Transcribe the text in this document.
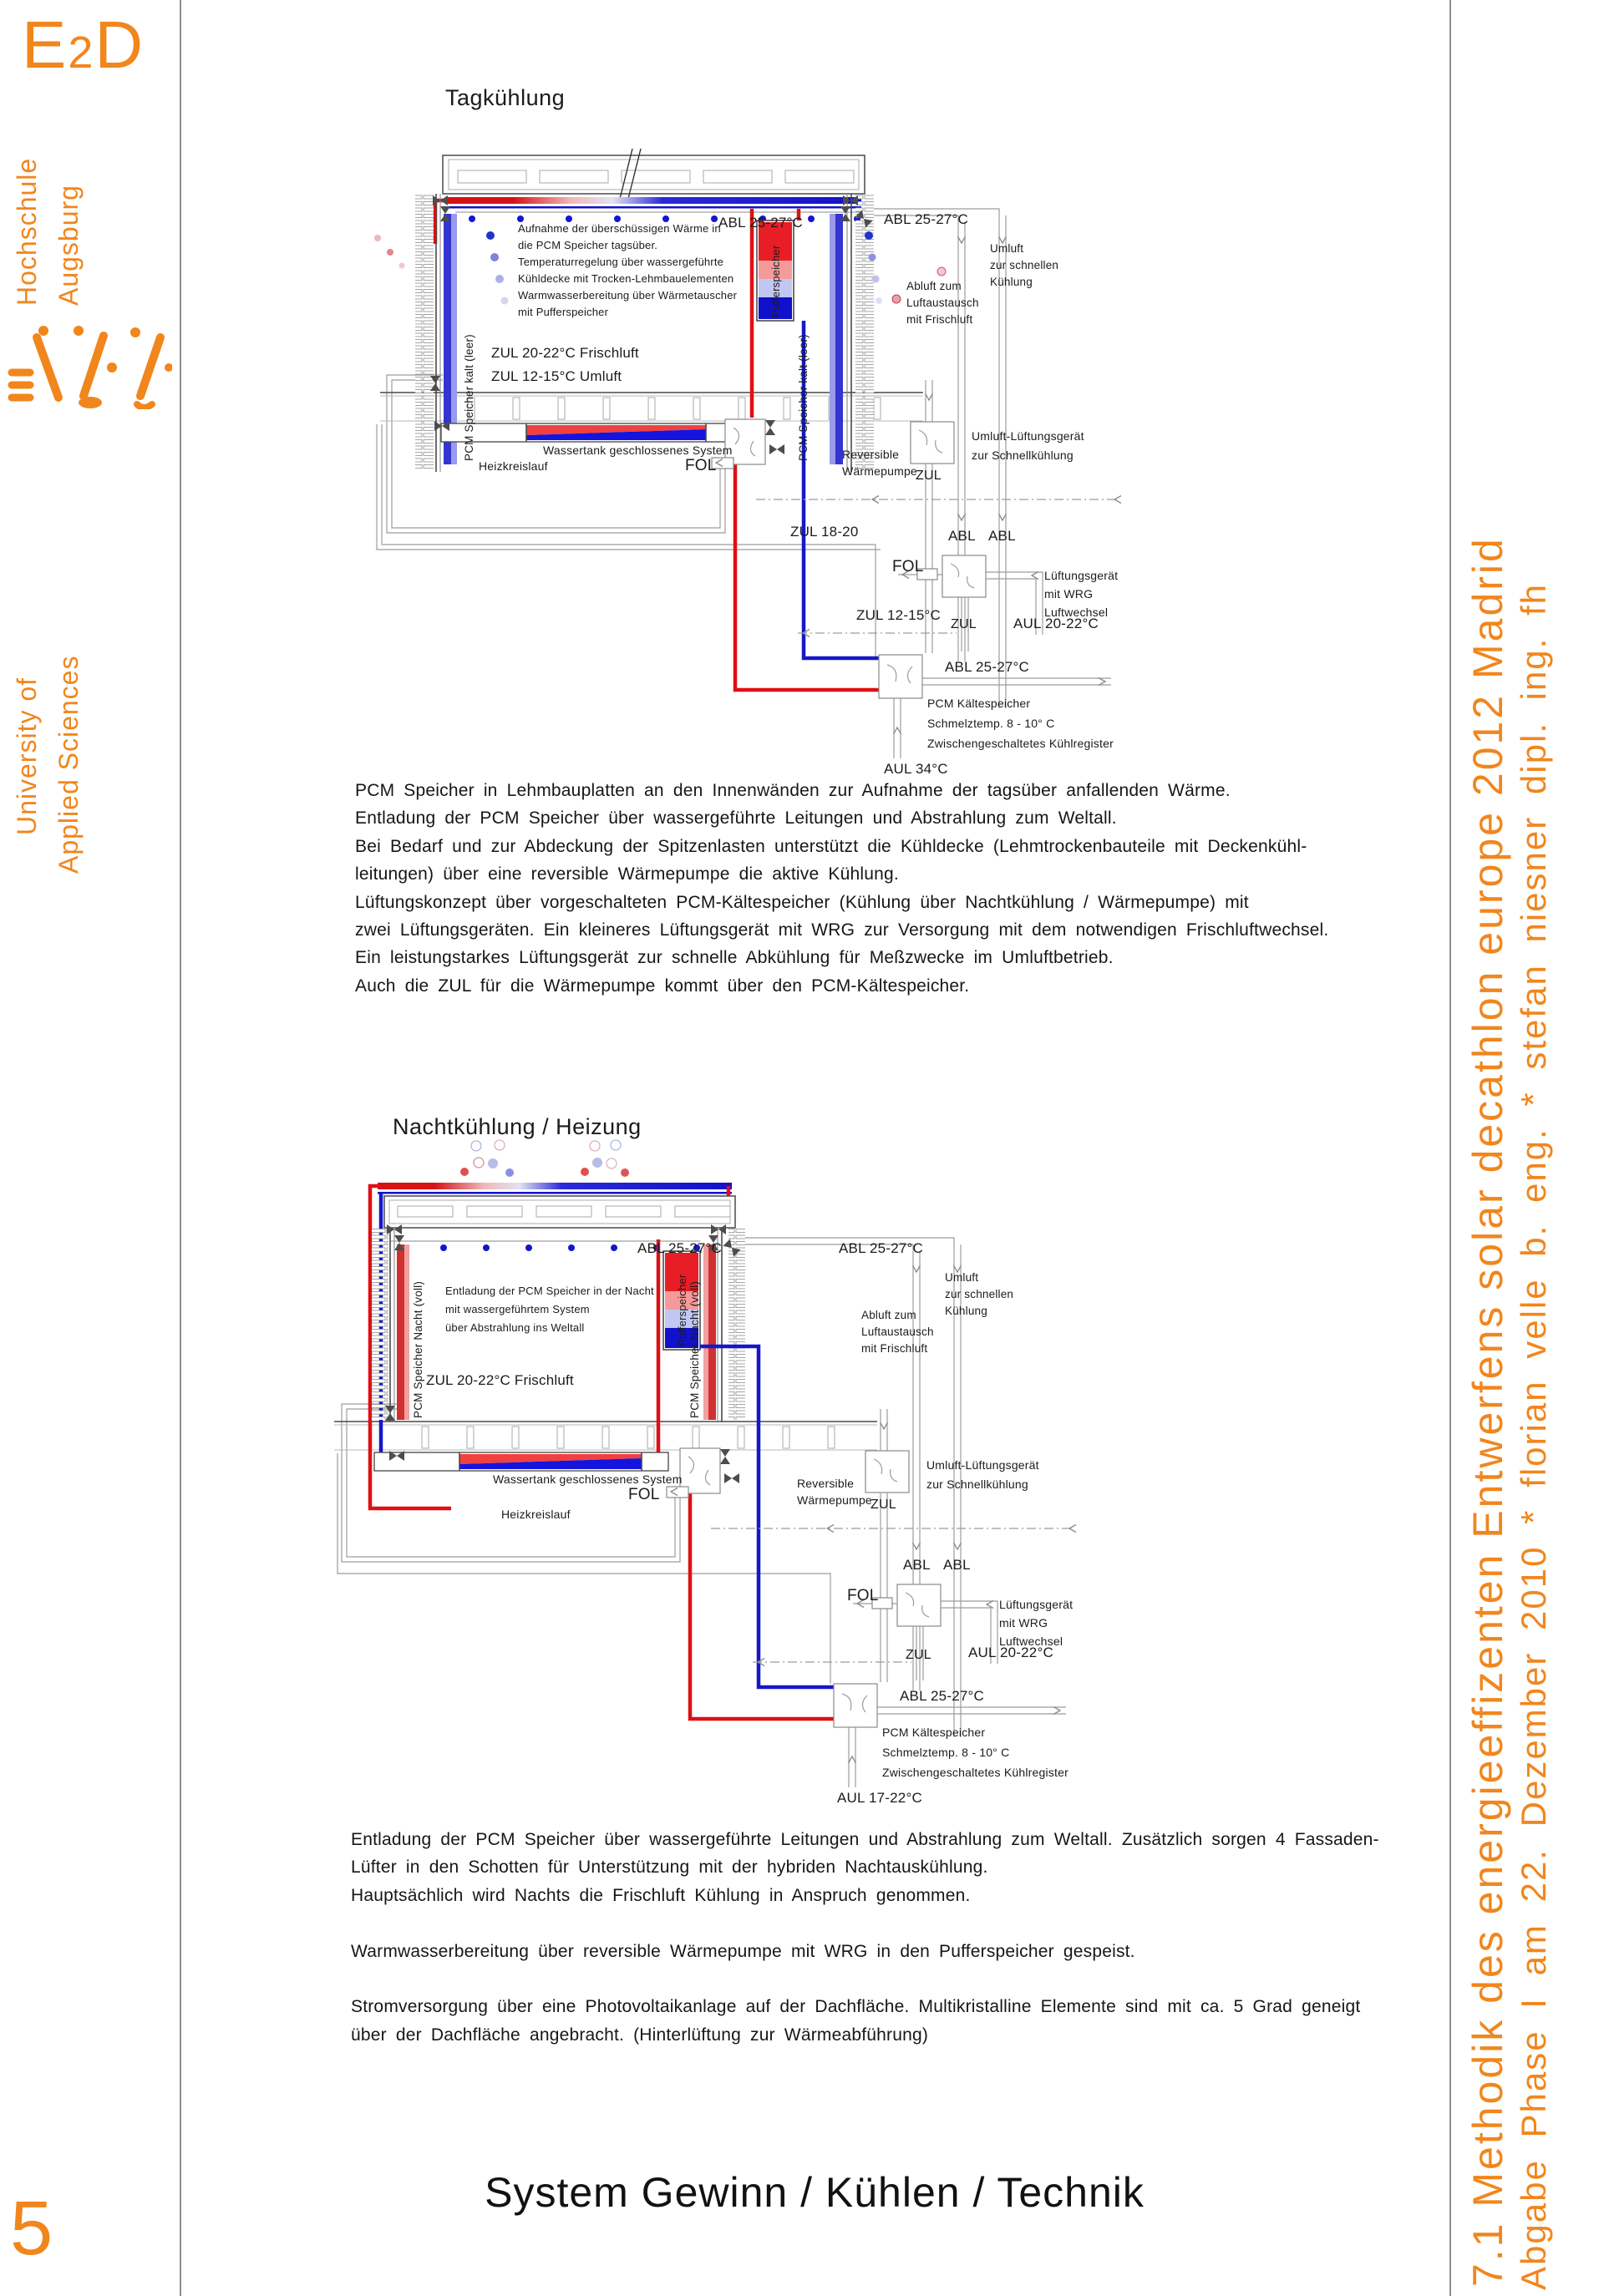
E2D
Hochschule Augsburg
University of Applied Sciences
5	7.1 Methodik des energieeffizenten Entwerfens solar decathlon europe 2012 Madrid Abgabe Phase I am 22. Dezember 2010 * florian velle b. eng. * stefan niesner dipl. ing. fh
Tagkühlung
Nachtkühlung / Heizung
Pufferspeicher
ABL 25-27°C	ABL 25-27°C
Aufnahme der überschüssigen Wärme in
die PCM Speicher tagsüber.
Temperaturregelung über wassergeführte
Kühldecke mit Trocken-Lehmbauelementen
Warmwasserbereitung über Wärmetauscher
mit Pufferspeicher
ZUL 20-22°C Frischluft
ZUL 12-15°C Umluft
PCM Speicher kalt (leer)	PCM Speicher kalt (leer)
Wassertank geschlossenes System
Heizkreislauf	FOL
Reversible
Wärmepumpe
ZUL
Umluft
zur schnellen
Kühlung
Abluft zum
Luftaustausch
mit Frischluft
Umluft-Lüftungsgerät
zur Schnellkühlung
ZUL 18-20	ABL ABL
FOL	Lüftungsgerät
mit WRG
Luftwechsel
ZUL 12-15°C
ZUL	AUL 20-22°C
ABL 25-27°C
PCM Kältespeicher
Schmelztemp. 8 - 10° C
Zwischengeschaltetes Kühlregister
AUL 34°C
PCM Speicher in Lehmbauplatten an den Innenwänden zur Aufnahme der tagsüber anfallenden Wärme.
Entladung der PCM Speicher über wassergeführte Leitungen und Abstrahlung zum Weltall.
Bei Bedarf und zur Abdeckung der Spitzenlasten unterstützt die Kühldecke (Lehmtrockenbauteile mit Deckenkühl-
leitungen) über eine reversible Wärmepumpe die aktive Kühlung.
Lüftungskonzept über vorgeschalteten PCM-Kältespeicher (Kühlung über Nachtkühlung / Wärmepumpe) mit
zwei Lüftungsgeräten. Ein kleineres Lüftungsgerät mit WRG zur Versorgung mit dem notwendigen Frischluftwechsel.
Ein leistungstarkes Lüftungsgerät zur schnelle Abkühlung für Meßzwecke im Umluftbetrieb.
Auch die ZUL für die Wärmepumpe kommt über den PCM-Kältespeicher.
Pufferspeicher
ABL 25-27°C	ABL 25-27°C
Entladung der PCM Speicher in der Nacht
mit wassergeführtem System
über Abstrahlung ins Weltall
ZUL 20-22°C Frischluft
PCM Speicher Nacht (voll)	PCM Speicher Nacht (voll)
Wassertank geschlossenes System
Heizkreislauf
FOL
Reversible
Wärmepumpe
ZUL
Umluft
zur schnellen
Kühlung
Abluft zum
Luftaustausch
mit Frischluft
Umluft-Lüftungsgerät
zur Schnellkühlung
ABL ABL
FOL	Lüftungsgerät
mit WRG
Luftwechsel
ZUL	AUL 20-22°C
ABL 25-27°C
PCM Kältespeicher
Schmelztemp. 8 - 10° C
Zwischengeschaltetes Kühlregister
AUL 17-22°C
Entladung der PCM Speicher über wassergeführte Leitungen und Abstrahlung zum Weltall. Zusätzlich sorgen 4 Fassaden-
Lüfter in den Schotten für Unterstützung mit der hybriden Nachtauskühlung.
Hauptsächlich wird Nachts die Frischluft Kühlung in Anspruch genommen.
Warmwasserbereitung über reversible Wärmepumpe mit WRG in den Pufferspeicher gespeist.
Stromversorgung über eine Photovoltaikanlage auf der Dachfläche. Multikristalline Elemente sind mit ca. 5 Grad geneigt
über der Dachfläche angebracht. (Hinterlüftung zur Wärmeabführung)
System Gewinn / Kühlen / Technik
